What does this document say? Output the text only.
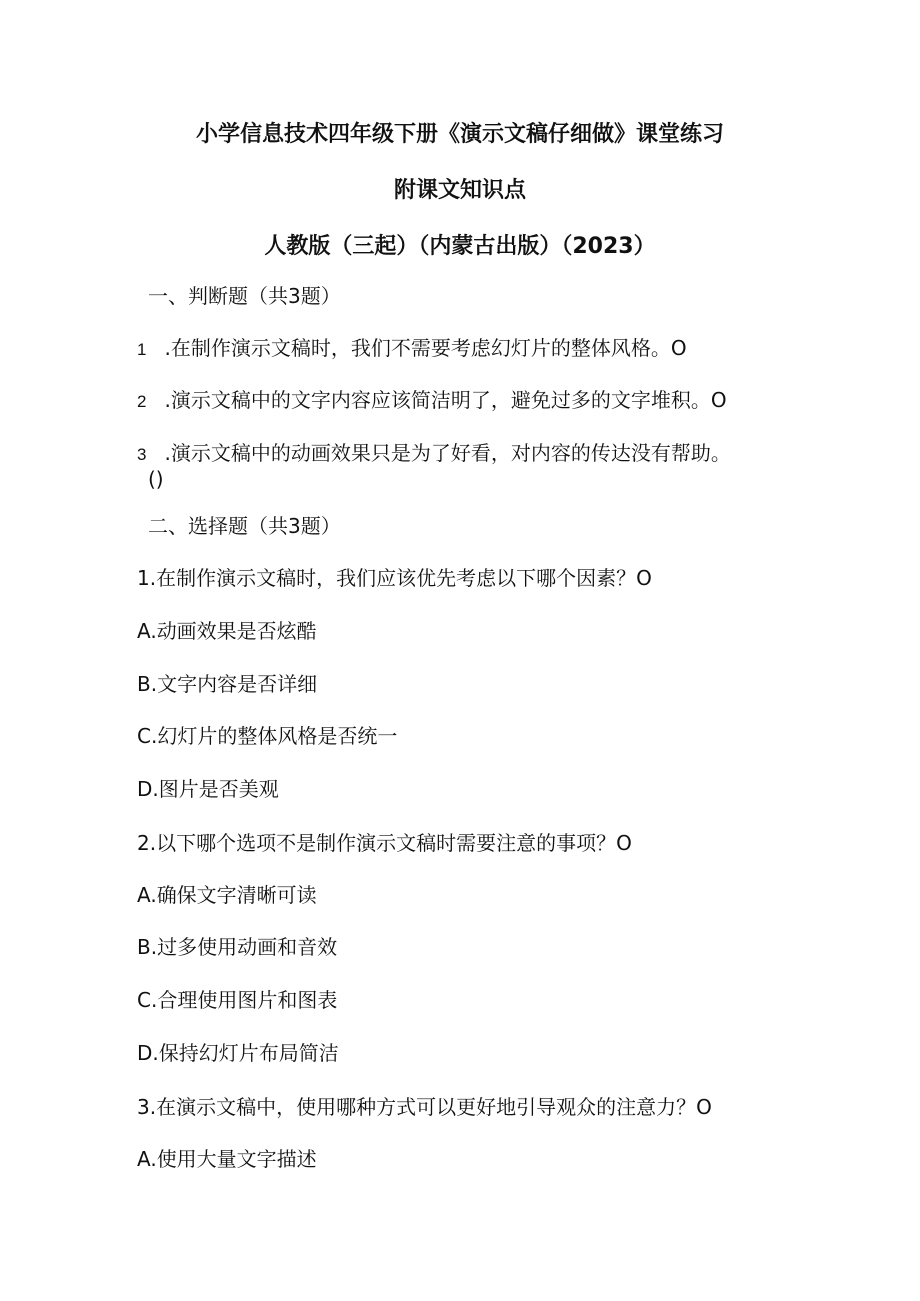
小学信息技术四年级下册《演示文稿仔细做》课堂练习
附课文知识点
人教版（三起）（内蒙古出版）（2023）
一、判断题（共3题）
1 .在制作演示文稿时，我们不需要考虑幻灯片的整体风格。O
2 .演示文稿中的文字内容应该简洁明了，避免过多的文字堆积。O
3 .演示文稿中的动画效果只是为了好看，对内容的传达没有帮助。
()
二、选择题（共3题）
1.在制作演示文稿时，我们应该优先考虑以下哪个因素？O
A.动画效果是否炫酷
B.文字内容是否详细
C.幻灯片的整体风格是否统一
D.图片是否美观
2.以下哪个选项不是制作演示文稿时需要注意的事项？O
A.确保文字清晰可读
B.过多使用动画和音效
C.合理使用图片和图表
D.保持幻灯片布局简洁
3.在演示文稿中，使用哪种方式可以更好地引导观众的注意力？O
A.使用大量文字描述
